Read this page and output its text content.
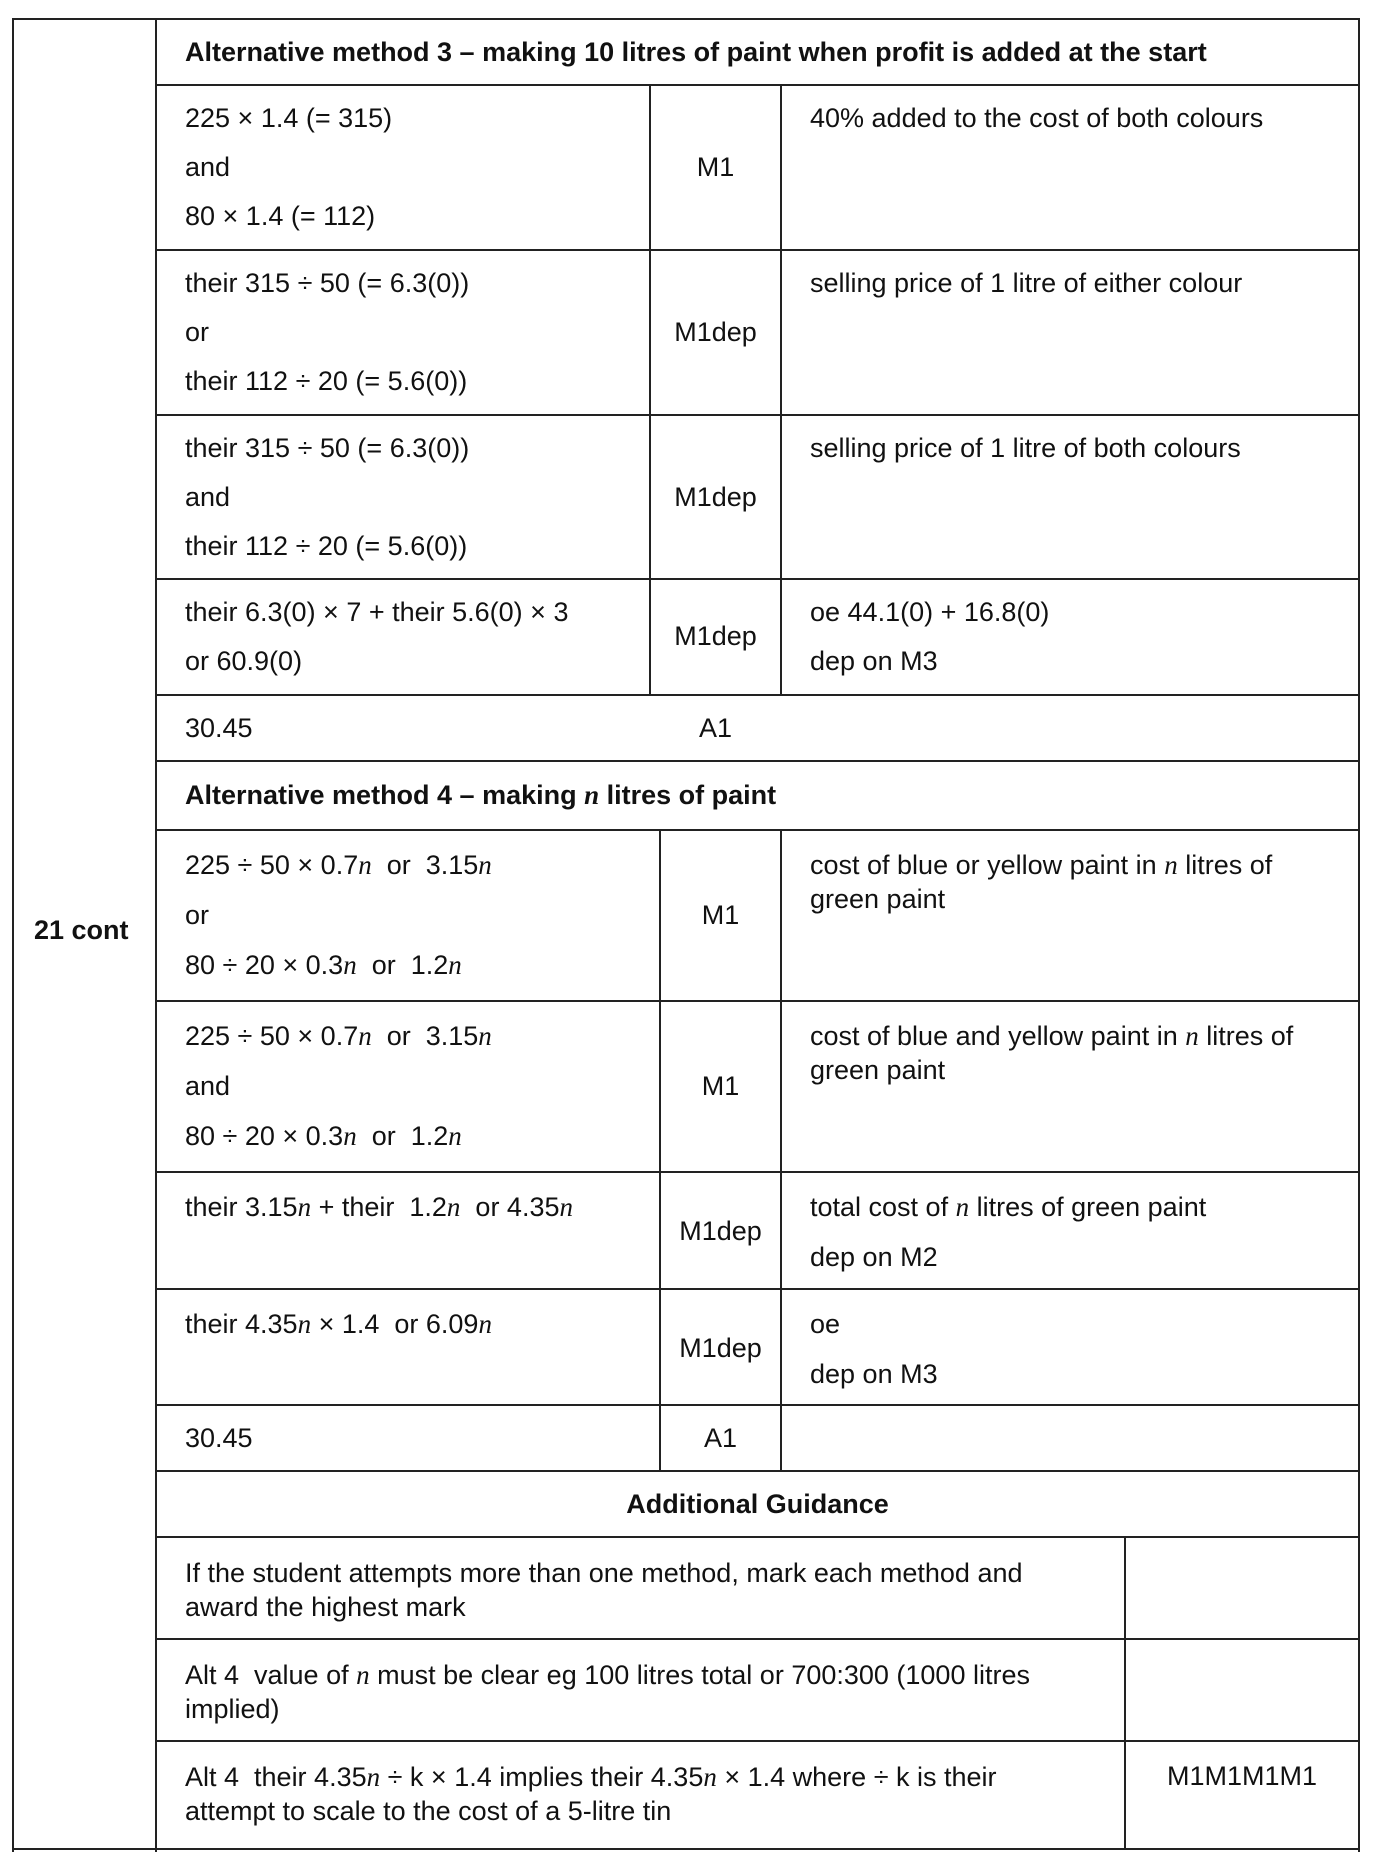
21 cont
Alternative method 3 – making 10 litres of paint when profit is added at the start
225 × 1.4 (= 315)
and
80 × 1.4 (= 112)
M1
40% added to the cost of both colours
their 315 ÷ 50 (= 6.3(0))
or
their 112 ÷ 20 (= 5.6(0))
M1dep
selling price of 1 litre of either colour
their 315 ÷ 50 (= 6.3(0))
and
their 112 ÷ 20 (= 5.6(0))
M1dep
selling price of 1 litre of both colours
their 6.3(0) × 7 + their 5.6(0) × 3
or 60.9(0)
M1dep
oe 44.1(0) + 16.8(0)
dep on M3
30.45	A1
Alternative method 4 – making n litres of paint
225 ÷ 50 × 0.7n  or  3.15n
or
80 ÷ 20 × 0.3n  or  1.2n
M1
cost of blue or yellow paint in n litres of
green paint
225 ÷ 50 × 0.7n  or  3.15n
and
80 ÷ 20 × 0.3n  or  1.2n
M1
cost of blue and yellow paint in n litres of
green paint
their 3.15n + their  1.2n  or 4.35n
M1dep
total cost of n litres of green paint
dep on M2
their 4.35n × 1.4  or 6.09n
M1dep
oe
dep on M3
30.45	A1
Additional Guidance
If the student attempts more than one method, mark each method and
award the highest mark
Alt 4  value of n must be clear eg 100 litres total or 700:300 (1000 litres
implied)
Alt 4  their 4.35n ÷ k × 1.4 implies their 4.35n × 1.4 where ÷ k is their
attempt to scale to the cost of a 5-litre tin
M1M1M1M1
